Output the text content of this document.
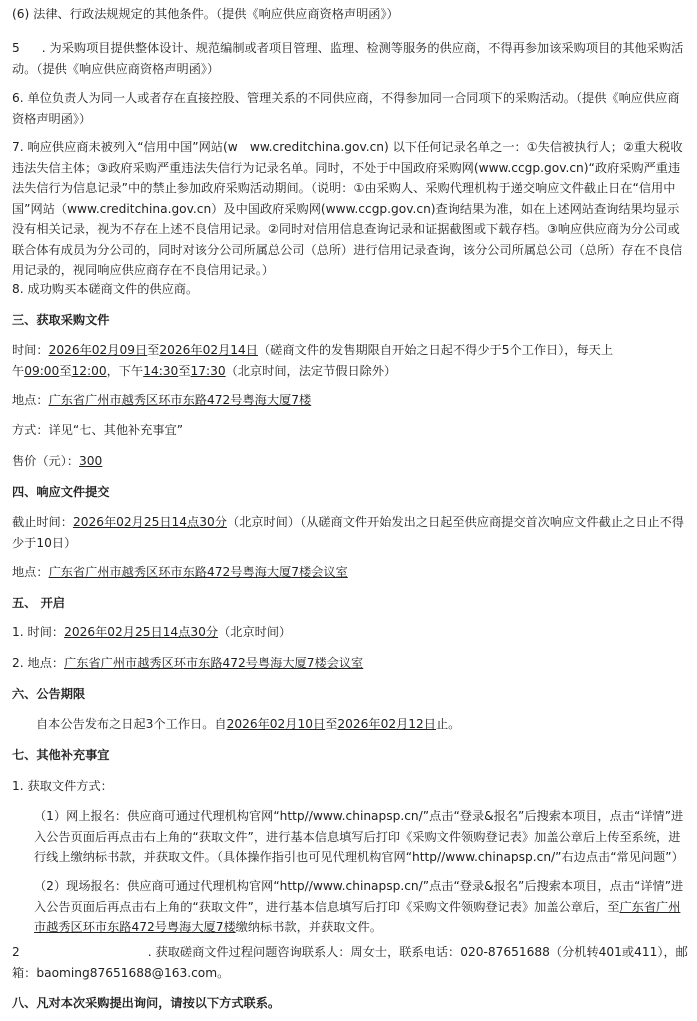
(6) 法律、行政法规规定的其他条件。（提供《响应供应商资格声明函》）

5 . 为采购项目提供整体设计、规范编制或者项目管理、监理、检测等服务的供应商，不得再参加该采购项目的其他采购活动。（提供《响应供应商资格声明函》）

6. 单位负责人为同一人或者存在直接控股、管理关系的不同供应商，不得参加同一合同项下的采购活动。（提供《响应供应商资格声明函》）

7. 响应供应商未被列入“信用中国”网站(w　ww.creditchina.gov.cn) 以下任何记录名单之一：①失信被执行人；②重大税收违法失信主体；③政府采购严重违法失信行为记录名单。同时，不处于中国政府采购网(www.ccgp.gov.cn)“政府采购严重违法失信行为信息记录”中的禁止参加政府采购活动期间。（说明：①由采购人、采购代理机构于递交响应文件截止日在“信用中国”网站（www.creditchina.gov.cn）及中国政府采购网(www.ccgp.gov.cn)查询结果为准，如在上述网站查询结果均显示没有相关记录，视为不存在上述不良信用记录。②同时对信用信息查询记录和证据截图或下载存档。③响应供应商为分公司或联合体有成员为分公司的，同时对该分公司所属总公司（总所）进行信用记录查询，该分公司所属总公司（总所）存在不良信用记录的，视同响应供应商存在不良信用记录。）

8. 成功购买本磋商文件的供应商。

三、获取采购文件

时间：2026年02月09日至2026年02月14日（磋商文件的发售期限自开始之日起不得少于5个工作日），每天上
午09:00至12:00，下午14:30至17:30（北京时间，法定节假日除外）

地点：广东省广州市越秀区环市东路472号粤海大厦7楼

方式：详见“七、其他补充事宜”

售价（元）：300

四、响应文件提交

截止时间：2026年02月25日14点30分（北京时间）（从磋商文件开始发出之日起至供应商提交首次响应文件截止之日止不得少于10日）

地点：广东省广州市越秀区环市东路472号粤海大厦7楼会议室

五、 开启

1. 时间：2026年02月25日14点30分（北京时间）

2. 地点：广东省广州市越秀区环市东路472号粤海大厦7楼会议室

六、公告期限

自本公告发布之日起3个工作日。自2026年02月10日至2026年02月12日止。

七、其他补充事宜

1. 获取文件方式：

（1）网上报名：供应商可通过代理机构官网“http//www.chinapsp.cn/”点击“登录&报名”后搜索本项目，点击“详情”进入公告页面后再点击右上角的“获取文件”，进行基本信息填写后打印《采购文件领购登记表》加盖公章后上传至系统，进行线上缴纳标书款，并获取文件。（具体操作指引也可见代理机构官网“http//www.chinapsp.cn/”右边点击“常见问题”）

（2）现场报名：供应商可通过代理机构官网“http//www.chinapsp.cn/”点击“登录&报名”后搜索本项目，点击“详情”进入公告页面后再点击右上角的“获取文件”，进行基本信息填写后打印《采购文件领购登记表》加盖公章后，至广东省广州市越秀区环市东路472号粤海大厦7楼缴纳标书款，并获取文件。

2	. 获取磋商文件过程问题咨询联系人：周女士，联系电话：020-87651688（分机转401或411），邮箱：baoming87651688@163.com。

八、凡对本次采购提出询问，请按以下方式联系。
